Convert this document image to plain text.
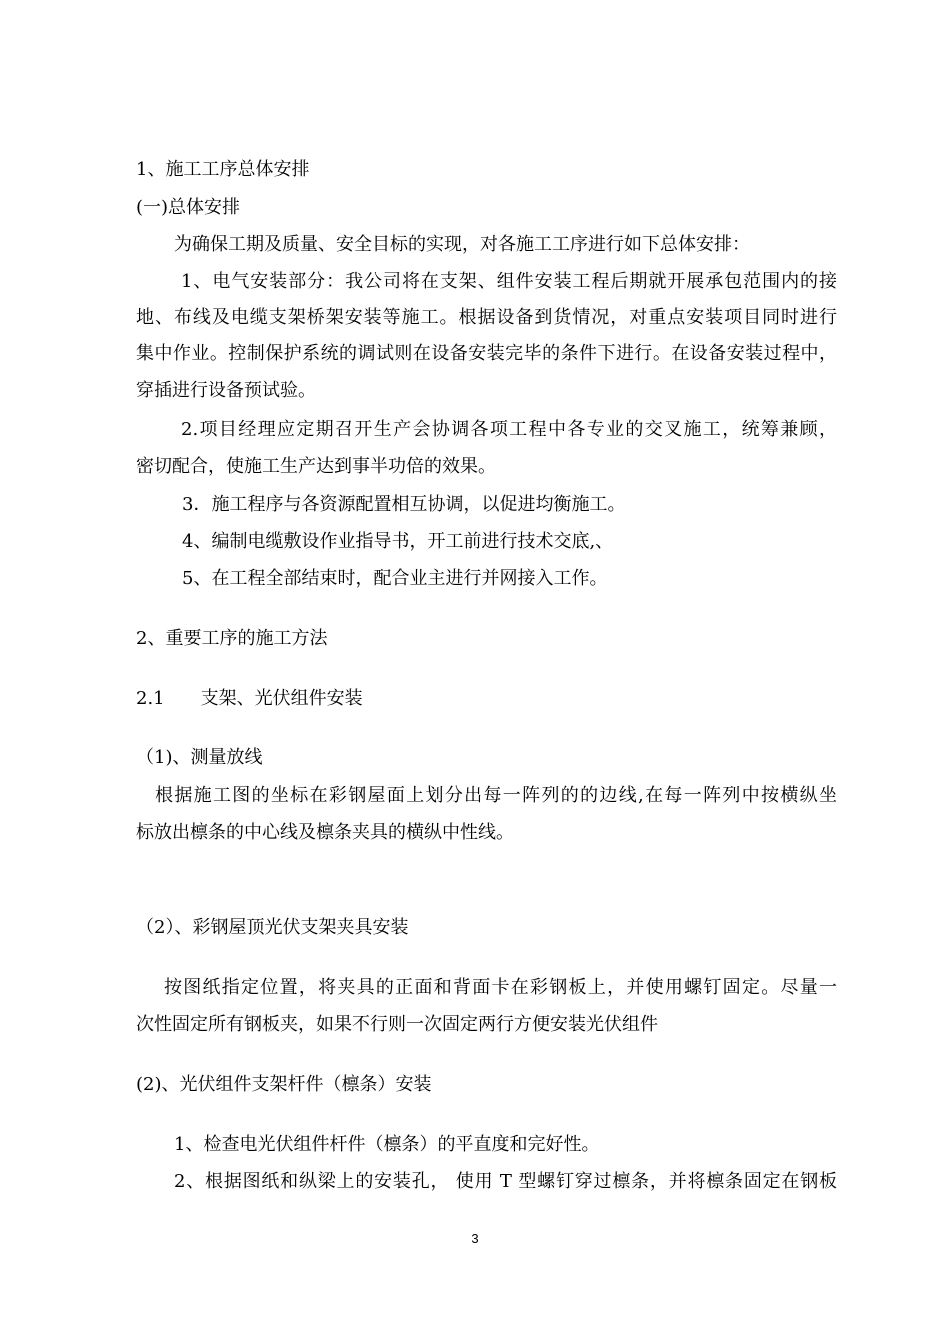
1、施工工序总体安排
(一)总体安排
为确保工期及质量、安全目标的实现，对各施工工序进行如下总体安排：
1、电气安装部分：我公司将在支架、组件安装工程后期就开展承包范围内的接
地、布线及电缆支架桥架安装等施工。根据设备到货情况，对重点安装项目同时进行
集中作业。控制保护系统的调试则在设备安装完毕的条件下进行。在设备安装过程中，
穿插进行设备预试验。
2.项目经理应定期召开生产会协调各项工程中各专业的交叉施工，统筹兼顾，
密切配合，使施工生产达到事半功倍的效果。
3．施工程序与各资源配置相互协调，以促进均衡施工。
4、编制电缆敷设作业指导书，开工前进行技术交底,、
5、在工程全部结束时，配合业主进行并网接入工作。
2、重要工序的施工方法
2.1　　支架、光伏组件安装
（1)、测量放线
根据施工图的坐标在彩钢屋面上划分出每一阵列的的边线,在每一阵列中按横纵坐
标放出檩条的中心线及檩条夹具的横纵中性线。
（2）、彩钢屋顶光伏支架夹具安装
按图纸指定位置，将夹具的正面和背面卡在彩钢板上，并使用螺钉固定。尽量一
次性固定所有钢板夹，如果不行则一次固定两行方便安装光伏组件
(2)、光伏组件支架杆件（檩条）安装
1、检查电光伏组件杆件（檩条）的平直度和完好性。
2、根据图纸和纵梁上的安装孔， 使用 T 型螺钉穿过檩条，并将檩条固定在钢板
3
